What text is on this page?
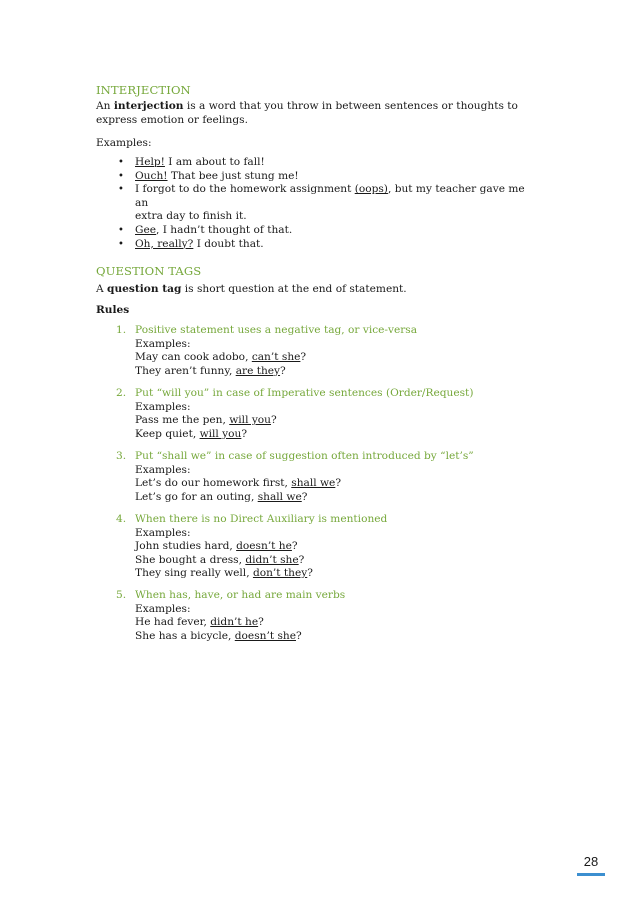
INTERJECTION
An interjection is a word that you throw in between sentences or thoughts to
express emotion or feelings.
Examples:
• Help! I am about to fall!
• Ouch! That bee just stung me!
• I forgot to do the homework assignment (oops), but my teacher gave me an
extra day to finish it.
• Gee, I hadn’t thought of that.
• Oh, really? I doubt that.
QUESTION TAGS
A question tag is short question at the end of statement.
Rules
1. Positive statement uses a negative tag, or vice-versa
Examples:
May can cook adobo, can’t she?
They aren’t funny, are they?
2. Put “will you” in case of Imperative sentences (Order/Request)
Examples:
Pass me the pen, will you?
Keep quiet, will you?
3. Put “shall we” in case of suggestion often introduced by “let’s”
Examples:
Let’s do our homework first, shall we?
Let’s go for an outing, shall we?
4. When there is no Direct Auxiliary is mentioned
Examples:
John studies hard, doesn’t he?
She bought a dress, didn’t she?
They sing really well, don’t they?
5. When has, have, or had are main verbs
Examples:
He had fever, didn’t he?
She has a bicycle, doesn’t she?
28
